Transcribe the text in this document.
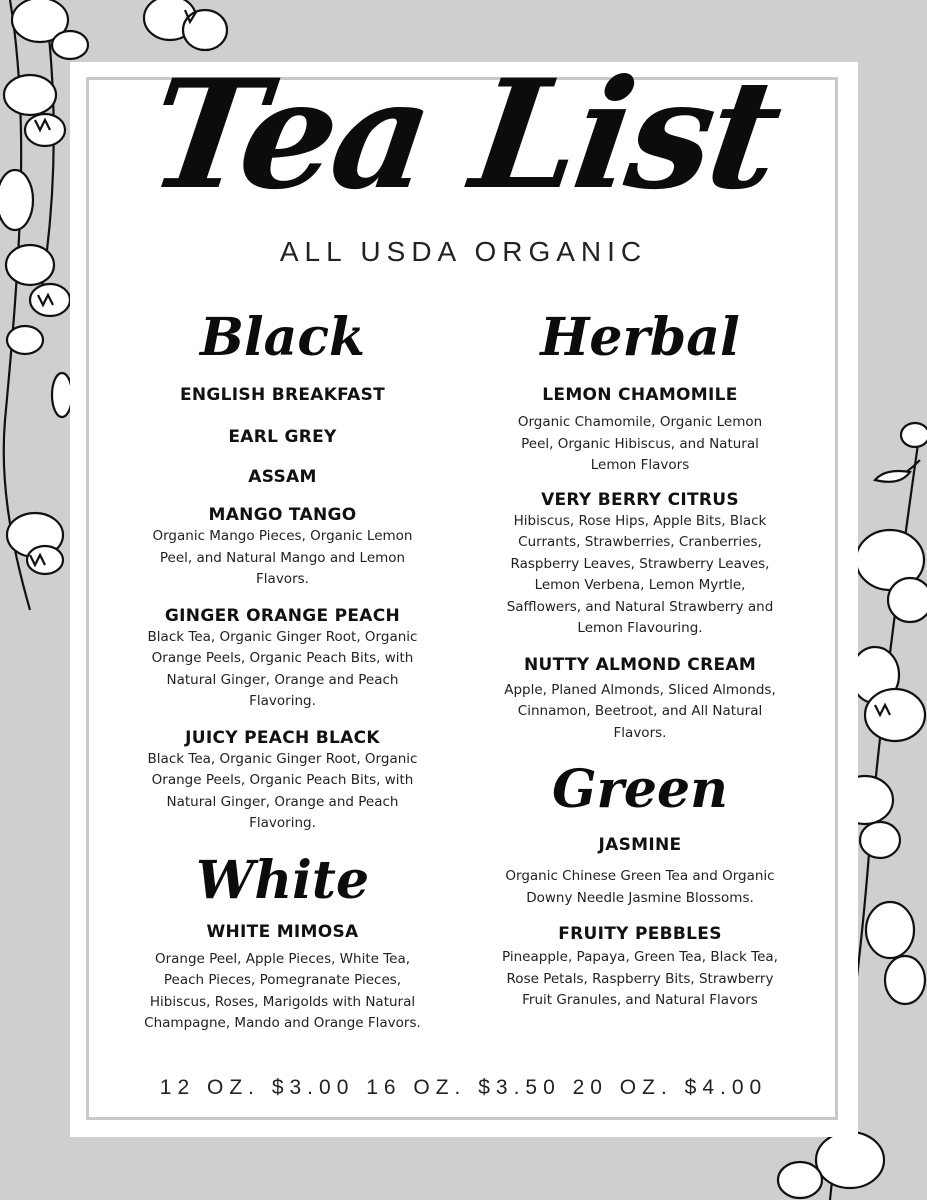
Tea List
ALL USDA ORGANIC
Black
ENGLISH BREAKFAST
EARL GREY
ASSAM
MANGO TANGO
Organic Mango Pieces, Organic Lemon Peel, and Natural Mango and Lemon Flavors.
GINGER ORANGE PEACH
Black Tea, Organic Ginger Root, Organic Orange Peels, Organic Peach Bits, with Natural Ginger, Orange and Peach Flavoring.
JUICY PEACH BLACK
Black Tea, Organic Ginger Root, Organic Orange Peels, Organic Peach Bits, with Natural Ginger, Orange and Peach Flavoring.
White
WHITE MIMOSA
Orange Peel, Apple Pieces, White Tea, Peach Pieces, Pomegranate Pieces, Hibiscus, Roses, Marigolds with Natural Champagne, Mando and Orange Flavors.
Herbal
LEMON CHAMOMILE
Organic Chamomile, Organic Lemon Peel, Organic Hibiscus, and Natural Lemon Flavors
VERY BERRY CITRUS
Hibiscus, Rose Hips, Apple Bits, Black Currants, Strawberries, Cranberries, Raspberry Leaves, Strawberry Leaves, Lemon Verbena, Lemon Myrtle, Safflowers, and Natural Strawberry and Lemon Flavouring.
NUTTY ALMOND CREAM
Apple, Planed Almonds, Sliced Almonds, Cinnamon, Beetroot, and All Natural Flavors.
Green
JASMINE
Organic Chinese Green Tea and Organic Downy Needle Jasmine Blossoms.
FRUITY PEBBLES
Pineapple, Papaya, Green Tea, Black Tea, Rose Petals, Raspberry Bits, Strawberry Fruit Granules, and Natural Flavors
12 OZ. $3.00 16 OZ. $3.50 20 OZ. $4.00
